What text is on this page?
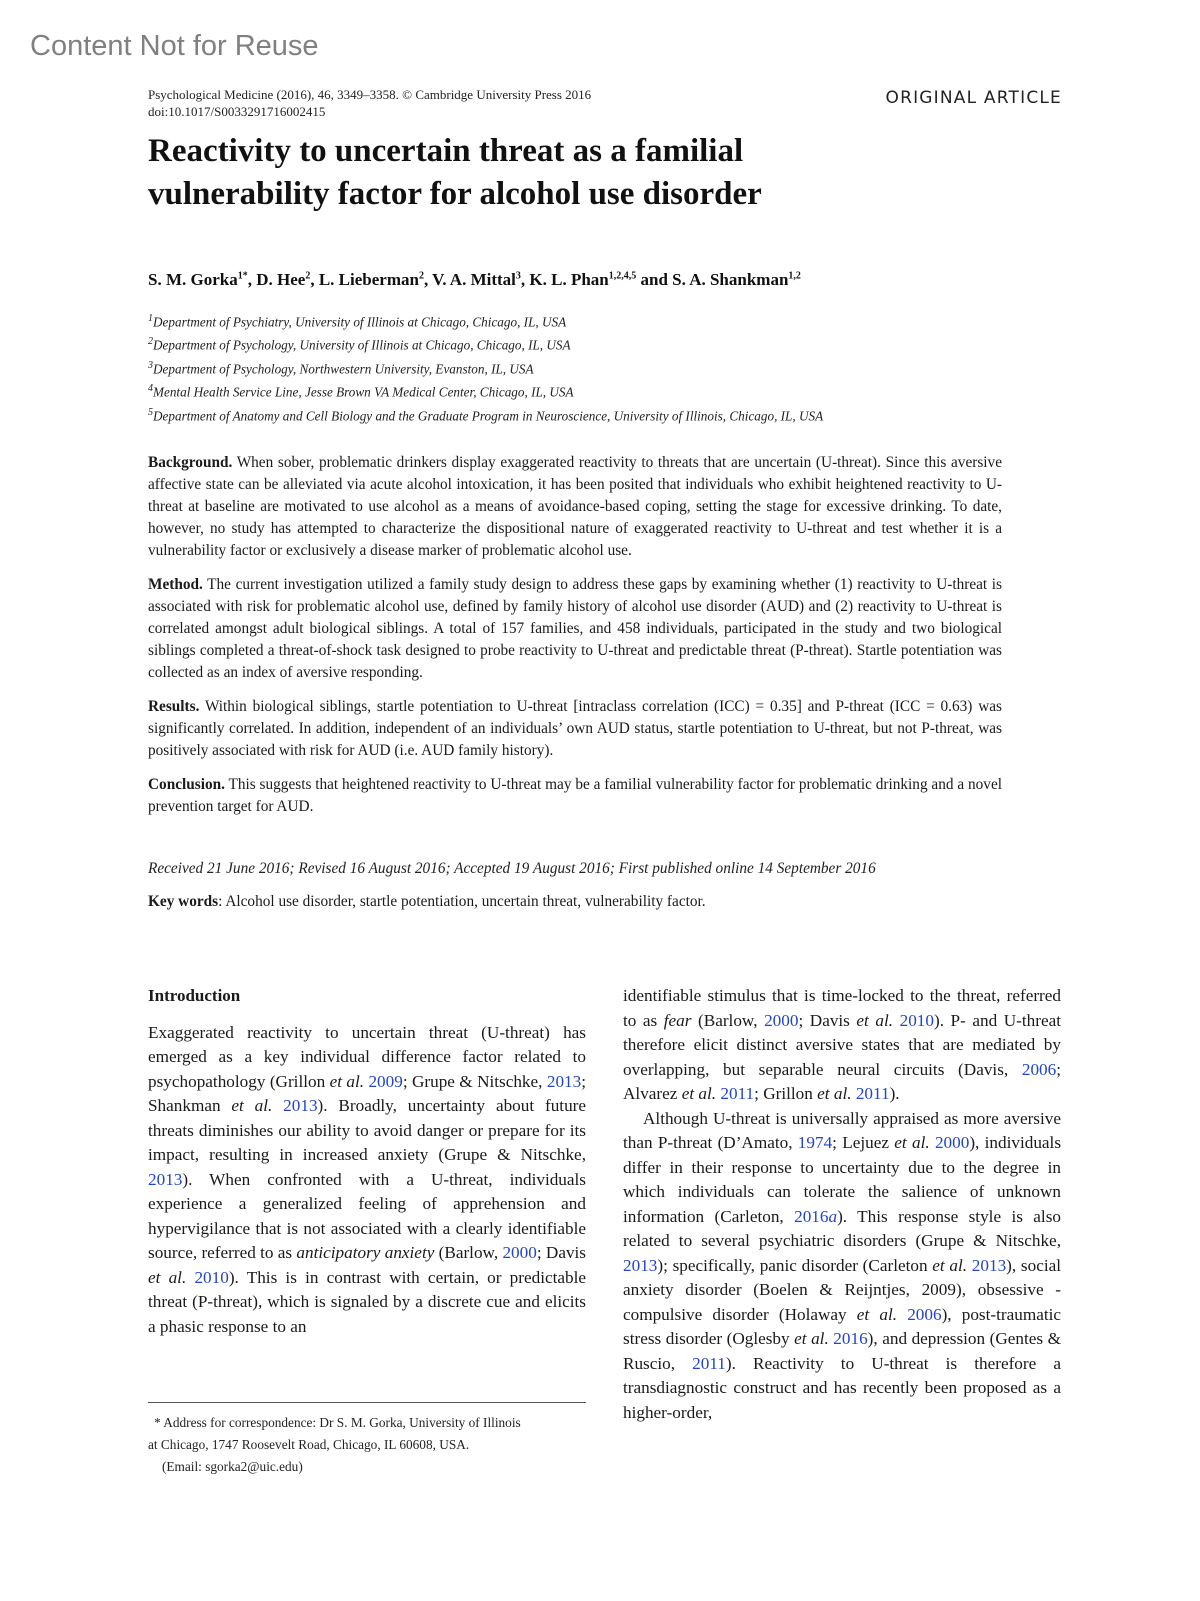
Content Not for Reuse
Psychological Medicine (2016), 46, 3349–3358. © Cambridge University Press 2016
doi:10.1017/S0033291716002415
ORIGINAL ARTICLE
Reactivity to uncertain threat as a familial
vulnerability factor for alcohol use disorder
S. M. Gorka$^{1*}$, D. Hee$^2$, L. Lieberman$^2$, V. A. Mittal$^3$, K. L. Phan$^{1,2,4,5}$ and S. A. Shankman$^{1,2}$
$^1$Department of Psychiatry, University of Illinois at Chicago, Chicago, IL, USA
$^2$Department of Psychology, University of Illinois at Chicago, Chicago, IL, USA
$^3$Department of Psychology, Northwestern University, Evanston, IL, USA
$^4$Mental Health Service Line, Jesse Brown VA Medical Center, Chicago, IL, USA
$^5$Department of Anatomy and Cell Biology and the Graduate Program in Neuroscience, University of Illinois, Chicago, IL, USA

Background. When sober, problematic drinkers display exaggerated reactivity to threats that are uncertain (U-threat). Since this aversive affective state can be alleviated via acute alcohol intoxication, it has been posited that individuals who exhibit heightened reactivity to U-threat at baseline are motivated to use alcohol as a means of avoidance-based coping, setting the stage for excessive drinking. To date, however, no study has attempted to characterize the dispositional nature of exaggerated reactivity to U-threat and test whether it is a vulnerability factor or exclusively a disease marker of problematic alcohol use.

Method. The current investigation utilized a family study design to address these gaps by examining whether (1) reactivity to U-threat is associated with risk for problematic alcohol use, defined by family history of alcohol use disorder (AUD) and (2) reactivity to U-threat is correlated amongst adult biological siblings. A total of 157 families, and 458 individuals, participated in the study and two biological siblings completed a threat-of-shock task designed to probe reactivity to U-threat and predictable threat (P-threat). Startle potentiation was collected as an index of aversive responding.

Results. Within biological siblings, startle potentiation to U-threat [intraclass correlation (ICC) = 0.35] and P-threat (ICC = 0.63) was significantly correlated. In addition, independent of an individuals’ own AUD status, startle potentiation to U-threat, but not P-threat, was positively associated with risk for AUD (i.e. AUD family history).

Conclusion. This suggests that heightened reactivity to U-threat may be a familial vulnerability factor for problematic drinking and a novel prevention target for AUD.

Received 21 June 2016; Revised 16 August 2016; Accepted 19 August 2016; First published online 14 September 2016
Key words: Alcohol use disorder, startle potentiation, uncertain threat, vulnerability factor.
Introduction

Exaggerated reactivity to uncertain threat (U-threat) has emerged as a key individual difference factor related to psychopathology (Grillon et al. 2009; Grupe & Nitschke, 2013; Shankman et al. 2013). Broadly, uncertainty about future threats diminishes our ability to avoid danger or prepare for its impact, resulting in increased anxiety (Grupe & Nitschke, 2013). When confronted with a U-threat, individuals experience a generalized feeling of apprehension and hypervigilance that is not associated with a clearly identifiable source, referred to as anticipatory anxiety (Barlow, 2000; Davis et al. 2010). This is in contrast with certain, or predictable threat (P-threat), which is signaled by a discrete cue and elicits a phasic response to an

identifiable stimulus that is time-locked to the threat, referred to as fear (Barlow, 2000; Davis et al. 2010). P- and U-threat therefore elicit distinct aversive states that are mediated by overlapping, but separable neural circuits (Davis, 2006; Alvarez et al. 2011; Grillon et al. 2011).

Although U-threat is universally appraised as more aversive than P-threat (D’Amato, 1974; Lejuez et al. 2000), individuals differ in their response to uncertainty due to the degree in which individuals can tolerate the salience of unknown information (Carleton, 2016a). This response style is also related to several psychiatric disorders (Grupe & Nitschke, 2013); specifically, panic disorder (Carleton et al. 2013), social anxiety disorder (Boelen & Reijntjes, 2009), obsessive -compulsive disorder (Holaway et al. 2006), post-traumatic stress disorder (Oglesby et al. 2016), and depression (Gentes & Ruscio, 2011). Reactivity to U-threat is therefore a transdiagnostic construct and has recently been proposed as a higher-order,

* Address for correspondence: Dr S. M. Gorka, University of Illinois
at Chicago, 1747 Roosevelt Road, Chicago, IL 60608, USA.
(Email: sgorka2@uic.edu)
